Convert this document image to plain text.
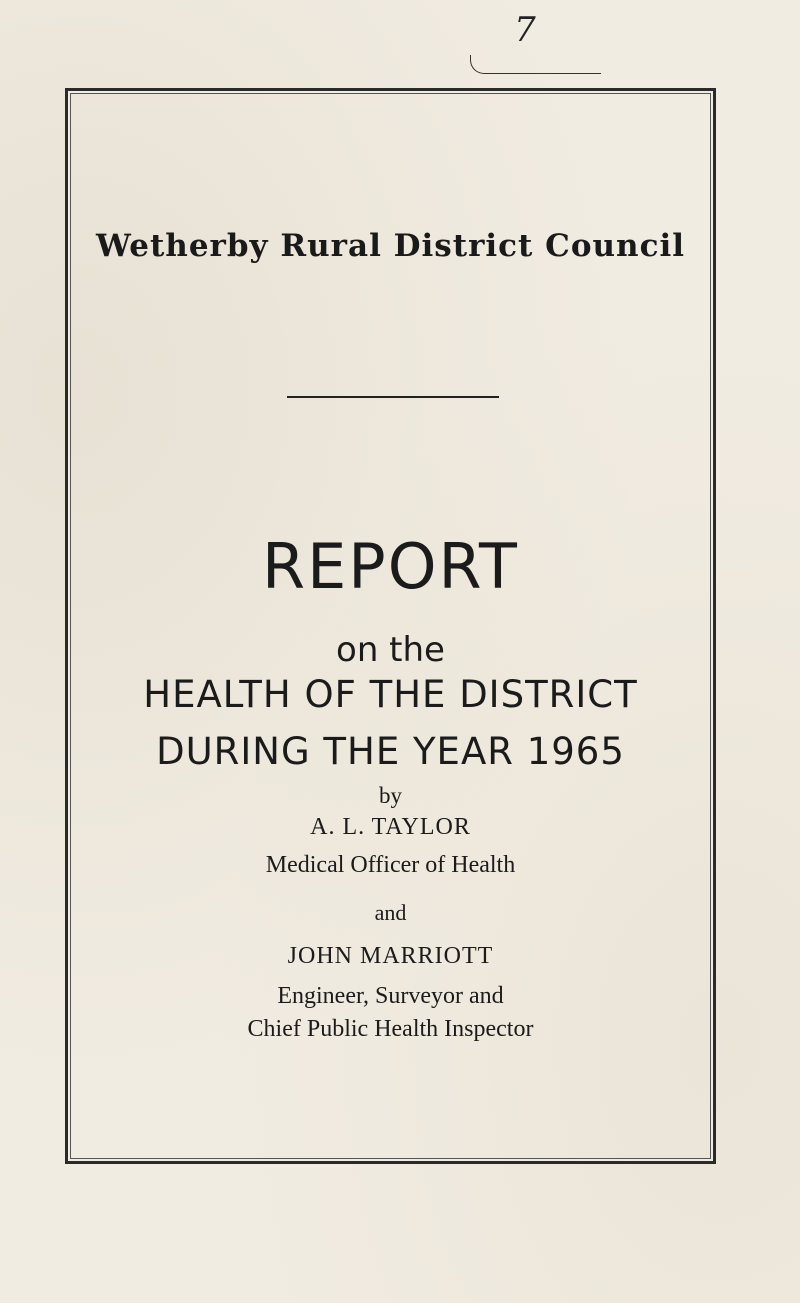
7
Wetherby Rural District Council
REPORT
on the
HEALTH OF THE DISTRICT
DURING THE YEAR 1965
by
A. L. TAYLOR
Medical Officer of Health
and
JOHN MARRIOTT
Engineer, Surveyor and
Chief Public Health Inspector
